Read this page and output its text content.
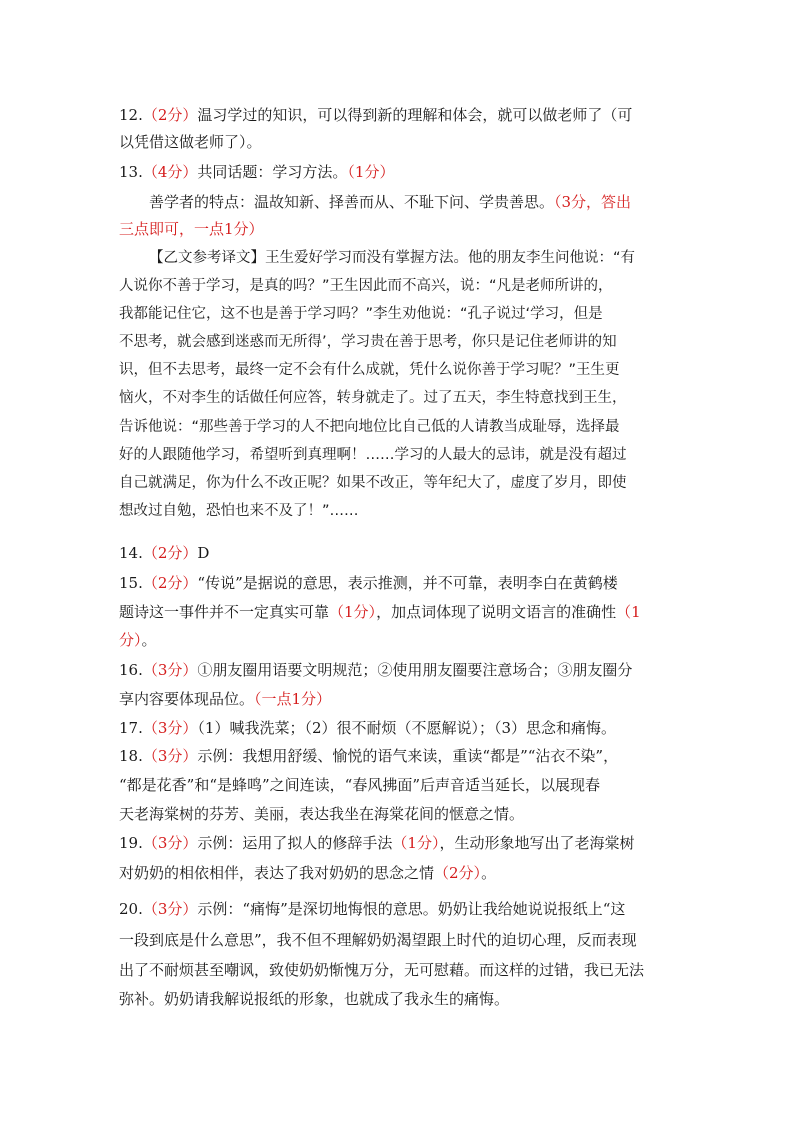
12.（2分）温习学过的知识，可以得到新的理解和体会，就可以做老师了（可
以凭借这做老师了）。
13.（4分）共同话题：学习方法。（1分）
善学者的特点：温故知新、择善而从、不耻下问、学贵善思。（3分，答出
三点即可，一点1分）
【乙文参考译文】王生爱好学习而没有掌握方法。他的朋友李生问他说：“有
人说你不善于学习，是真的吗？”王生因此而不高兴，说：“凡是老师所讲的，
我都能记住它，这不也是善于学习吗？”李生劝他说：“孔子说过‘学习，但是
不思考，就会感到迷惑而无所得’，学习贵在善于思考，你只是记住老师讲的知
识，但不去思考，最终一定不会有什么成就，凭什么说你善于学习呢？”王生更
恼火，不对李生的话做任何应答，转身就走了。过了五天，李生特意找到王生，
告诉他说：“那些善于学习的人不把向地位比自己低的人请教当成耻辱，选择最
好的人跟随他学习，希望听到真理啊！……学习的人最大的忌讳，就是没有超过
自己就满足，你为什么不改正呢？如果不改正，等年纪大了，虚度了岁月，即使
想改过自勉，恐怕也来不及了！”……
14.（2分）D
15.（2分）“传说”是据说的意思，表示推测，并不可靠，表明李白在黄鹤楼
题诗这一事件并不一定真实可靠（1分），加点词体现了说明文语言的准确性（1
分）。
16.（3分）①朋友圈用语要文明规范；②使用朋友圈要注意场合；③朋友圈分
享内容要体现品位。（一点1分）
17.（3分）（1）喊我洗菜；（2）很不耐烦（不愿解说）；（3）思念和痛悔。
18.（3分）示例：我想用舒缓、愉悦的语气来读，重读“都是”“沾衣不染”，
“都是花香”和“是蜂鸣”之间连读，“春风拂面”后声音适当延长，以展现春
天老海棠树的芬芳、美丽，表达我坐在海棠花间的惬意之情。
19.（3分）示例：运用了拟人的修辞手法（1分），生动形象地写出了老海棠树
对奶奶的相依相伴，表达了我对奶奶的思念之情（2分）。
20.（3分）示例：“痛悔”是深切地悔恨的意思。奶奶让我给她说说报纸上“这
一段到底是什么意思”，我不但不理解奶奶渴望跟上时代的迫切心理，反而表现
出了不耐烦甚至嘲讽，致使奶奶惭愧万分，无可慰藉。而这样的过错，我已无法
弥补。奶奶请我解说报纸的形象，也就成了我永生的痛悔。
